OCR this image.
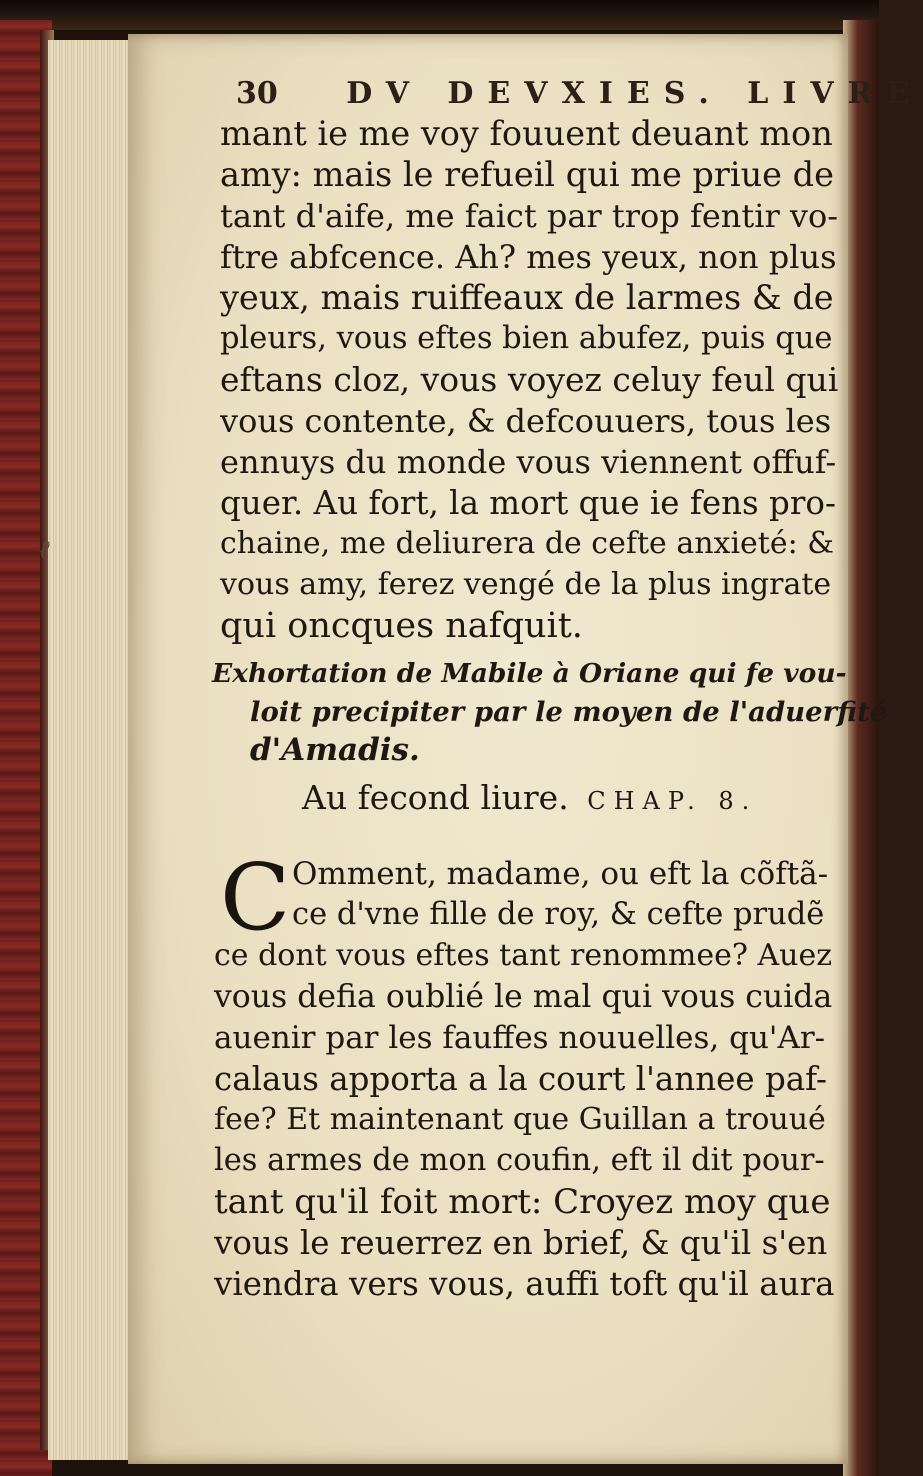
ℓ
30 DV DEVXIES. LIVRE
mant ie me voy fouuent deuant mon
amy: mais le refueil qui me priue de
tant d'aife, me faict par trop fentir vo-
ftre abfcence. Ah? mes yeux, non plus
yeux, mais ruiffeaux de larmes & de
pleurs, vous eftes bien abufez, puis que
eftans cloz, vous voyez celuy feul qui
vous contente, & defcouuers, tous les
ennuys du monde vous viennent offuf-
quer. Au fort, la mort que ie fens pro-
chaine, me deliurera de cefte anxieté: &
vous amy, ferez vengé de la plus ingrate
qui oncques nafquit.
Exhortation de Mabile à Oriane qui fe vou-
loit precipiter par le moyen de l'aduerfité
d'Amadis.
Au fecond liure. CHAP. 8.
C Omment, madame, ou eft la cõftã-
ce d'vne fille de roy, & cefte prudẽ
ce dont vous eftes tant renommee? Auez
vous defia oublié le mal qui vous cuida
auenir par les fauffes nouuelles, qu'Ar-
calaus apporta a la court l'annee paf-
fee? Et maintenant que Guillan a trouué
les armes de mon coufin, eft il dit pour-
tant qu'il foit mort: Croyez moy que
vous le reuerrez en brief, & qu'il s'en
viendra vers vous, auffi toft qu'il aura
